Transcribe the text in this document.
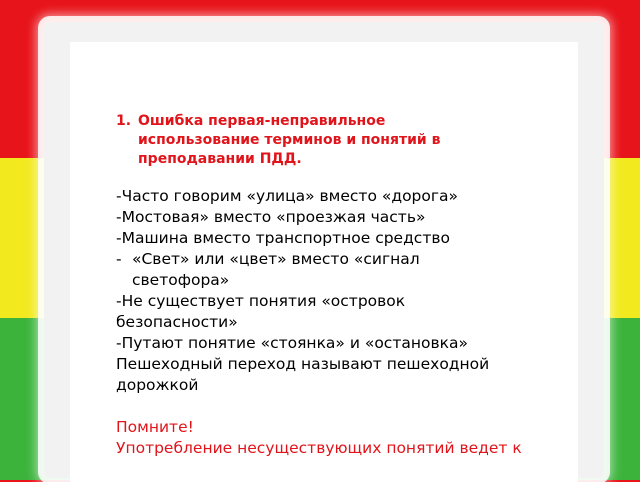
1. Ошибка первая-неправильное
использование терминов и понятий в
преподавании ПДД.
-Часто говорим «улица» вместо «дорога»
-Мостовая» вместо «проезжая часть»
-Машина вместо транспортное средство
- «Свет» или «цвет» вместо «сигнал
светофора»
-Не существует понятия «островок
безопасности»
-Путают понятие «стоянка» и «остановка»
Пешеходный переход называют пешеходной
дорожкой
Помните!
Употребление несуществующих понятий ведет к
